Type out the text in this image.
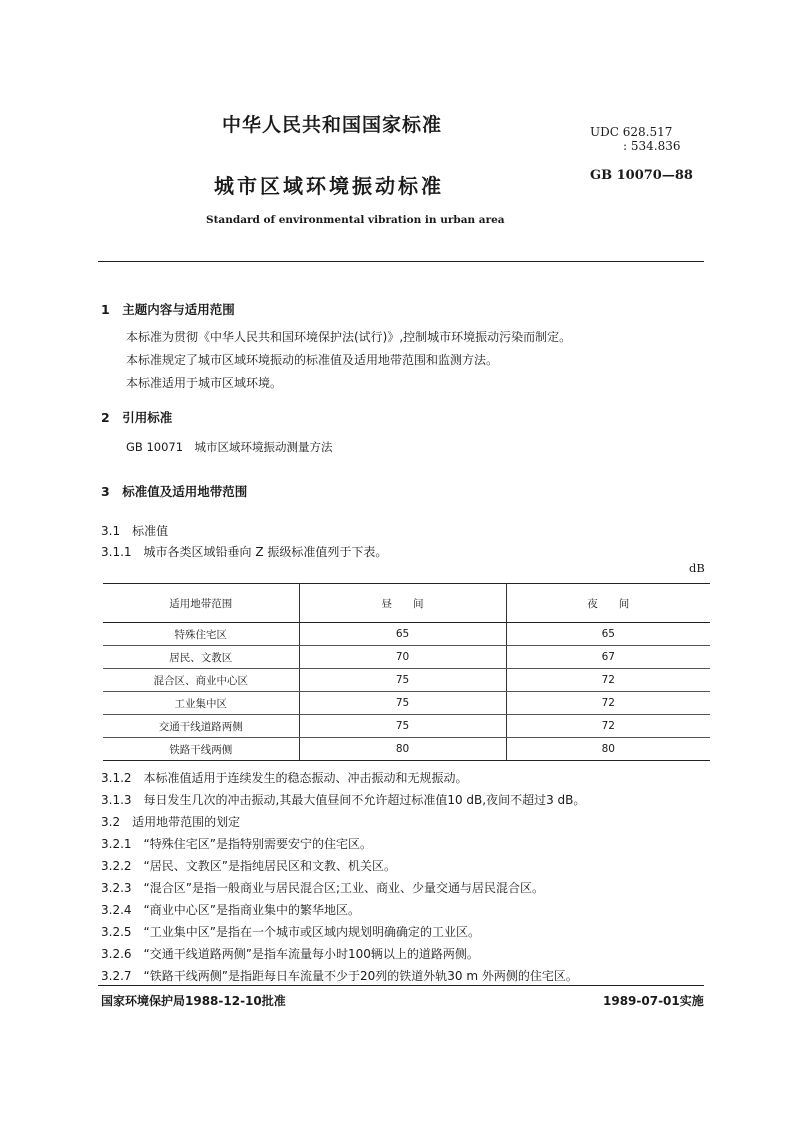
中华人民共和国国家标准	UDC 628.517
: 534.836
城市区域环境振动标准	GB 10070—88
Standard of environmental vibration in urban area
1　主题内容与适用范围
本标准为贯彻《中华人民共和国环境保护法(试行)》,控制城市环境振动污染而制定。
本标准规定了城市区域环境振动的标准值及适用地带范围和监测方法。
本标准适用于城市区域环境。
2　引用标准
GB 10071　城市区域环境振动测量方法
3　标准值及适用地带范围
3.1　标准值
3.1.1　城市各类区域铅垂向 Z 振级标准值列于下表。
dB
适用地带范围	昼　　间	夜　　间
特殊住宅区	65	65
居民、文教区	70	67
混合区、商业中心区	75	72
工业集中区	75	72
交通干线道路两侧	75	72
铁路干线两侧	80	80
3.1.2　本标准值适用于连续发生的稳态振动、冲击振动和无规振动。
3.1.3　每日发生几次的冲击振动,其最大值昼间不允许超过标准值10 dB,夜间不超过3 dB。
3.2　适用地带范围的划定
3.2.1　“特殊住宅区”是指特别需要安宁的住宅区。
3.2.2　“居民、文教区”是指纯居民区和文教、机关区。
3.2.3　“混合区”是指一般商业与居民混合区;工业、商业、少量交通与居民混合区。
3.2.4　“商业中心区”是指商业集中的繁华地区。
3.2.5　“工业集中区”是指在一个城市或区域内规划明确确定的工业区。
3.2.6　“交通干线道路两侧”是指车流量每小时100辆以上的道路两侧。
3.2.7　“铁路干线两侧”是指距每日车流量不少于20列的铁道外轨30 m 外两侧的住宅区。
国家环境保护局1988-12-10批准	1989-07-01实施
